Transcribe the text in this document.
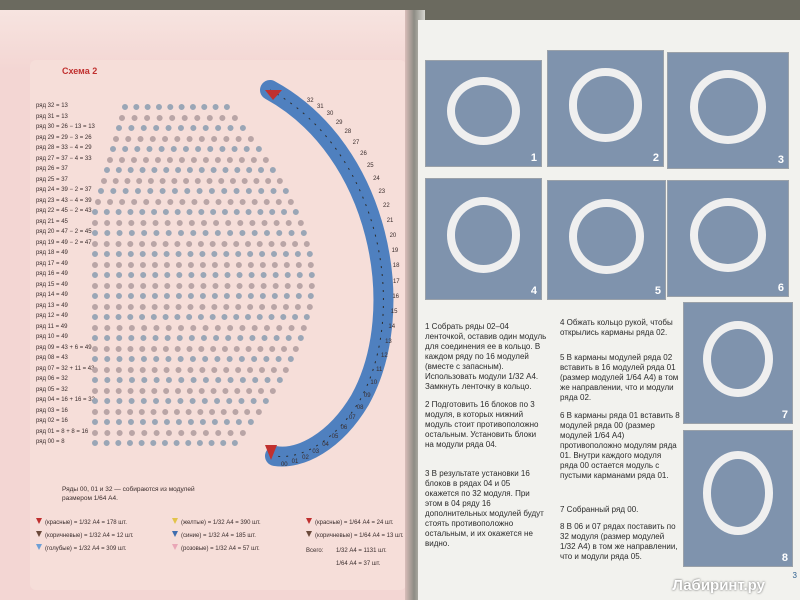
Схема 2
ряд 32 = 13
ряд 31 = 13
ряд 30 = 26 − 13 = 13
ряд 29 = 29 − 3 = 26
ряд 28 = 33 − 4 = 29
ряд 27 = 37 − 4 = 33
ряд 26 = 37
ряд 25 = 37
ряд 24 = 39 − 2 = 37
ряд 23 = 43 − 4 = 39
ряд 22 = 45 − 2 = 43
ряд 21 = 45
ряд 20 = 47 − 2 = 45
ряд 19 = 49 − 2 = 47
ряд 18 = 49
ряд 17 = 49
ряд 16 = 49
ряд 15 = 49
ряд 14 = 49
ряд 13 = 49
ряд 12 = 49
ряд 11 = 49
ряд 10 = 49
ряд 09 = 43 + 6 = 49
ряд 08 = 43
ряд 07 = 32 + 11 = 43
ряд 06 = 32
ряд 05 = 32
ряд 04 = 16 + 16 = 32
ряд 03 = 16
ряд 02 = 16
ряд 01 = 8 + 8 = 16
ряд 00 = 8
32
31
30
29
28
27
26
25
24
23
22
21
20
19
18
17
16
15
14
13
12
11
10
09
08
07
06
05
04
03
02
01
00
Ряды 00, 01 и 32 — собираются из модулей размером 1/64 А4.
(красные) = 1/32 А4 = 178 шт.
(коричневые) = 1/32 А4 = 12 шт.
(голубые) = 1/32 А4 = 309 шт.
(желтые) = 1/32 А4 = 390 шт.
(синие) = 1/32 А4 = 185 шт.
(розовые) = 1/32 А4 = 57 шт.
(красные) = 1/64 А4 = 24 шт.
(коричневые) = 1/64 А4 = 13 шт.
Всего: 1/32 А4 = 1131 шт.
1/64 А4 = 37 шт.
1	2	3
4	5	6
7
8
1 Собрать ряды 02–04 ленточкой, оставив один модуль для соединения ее в кольцо. В каждом ряду по 16 модулей (вместе с запасным). Использовать модули 1/32 А4. Замкнуть ленточку в кольцо.
2 Подготовить 16 блоков по 3 модуля, в которых нижний модуль стоит противоположно остальным. Установить блоки на модули ряда 04.
3 В результате установки 16 блоков в рядах 04 и 05 окажется по 32 модуля. При этом в 04 ряду 16 дополнительных модулей будут стоять противоположно остальным, и их окажется не видно.
4 Обжать кольцо рукой, чтобы открылись карманы ряда 02.
5 В карманы модулей ряда 02 вставить в 16 модулей ряда 01 (размер модулей 1/64 А4) в том же направлении, что и модули ряда 02.
6 В карманы ряда 01 вставить 8 модулей ряда 00 (размер модулей 1/64 А4) противоположно модулям ряда 01. Внутри каждого модуля ряда 00 остается модуль с пустыми карманами ряда 01.
7 Собранный ряд 00.
8 В 06 и 07 рядах поставить по 32 модуля (размер модулей 1/32 А4) в том же направлении, что и модули ряда 05.
3
Лабиринт.ру
